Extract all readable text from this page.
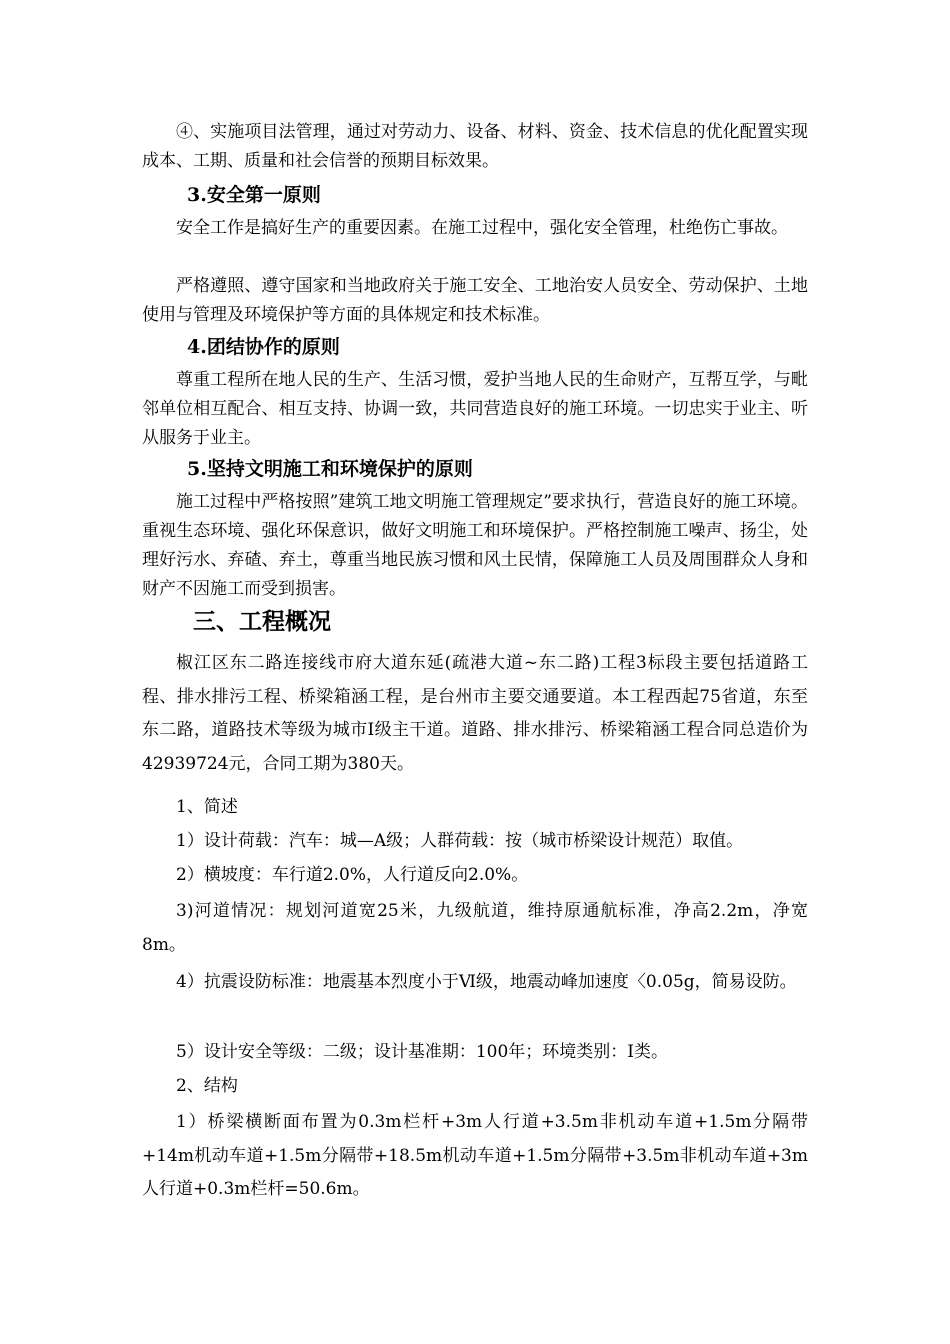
④、实施项目法管理，通过对劳动力、设备、材料、资金、技术信息的优化配置实现成本、工期、质量和社会信誉的预期目标效果。

3.安全第一原则

安全工作是搞好生产的重要因素。在施工过程中，强化安全管理，杜绝伤亡事故。

严格遵照、遵守国家和当地政府关于施工安全、工地治安人员安全、劳动保护、土地使用与管理及环境保护等方面的具体规定和技术标准。

4.团结协作的原则

尊重工程所在地人民的生产、生活习惯，爱护当地人民的生命财产，互帮互学，与毗邻单位相互配合、相互支持、协调一致，共同营造良好的施工环境。一切忠实于业主、听从服务于业主。

5.坚持文明施工和环境保护的原则

施工过程中严格按照”建筑工地文明施工管理规定”要求执行，营造良好的施工环境。重视生态环境、强化环保意识，做好文明施工和环境保护。严格控制施工噪声、扬尘，处理好污水、弃碴、弃土，尊重当地民族习惯和风土民情，保障施工人员及周围群众人身和财产不因施工而受到损害。

三、工程概况

椒江区东二路连接线市府大道东延(疏港大道~东二路)工程3标段主要包括道路工程、排水排污工程、桥梁箱涵工程，是台州市主要交通要道。本工程西起75省道，东至东二路，道路技术等级为城市Ⅰ级主干道。道路、排水排污、桥梁箱涵工程合同总造价为42939724元，合同工期为380天。

1、简述

1）设计荷载：汽车：城—A级；人群荷载：按（城市桥梁设计规范）取值。

2）横坡度：车行道2.0%，人行道反向2.0%。

3)河道情况：规划河道宽25米，九级航道，维持原通航标准，净高2.2m，净宽8m。

4）抗震设防标准：地震基本烈度小于Ⅵ级，地震动峰加速度〈0.05g，简易设防。

5）设计安全等级：二级；设计基准期：100年；环境类别：Ⅰ类。

2、结构

1）桥梁横断面布置为0.3m栏杆+3m人行道+3.5m非机动车道+1.5m分隔带+14m机动车道+1.5m分隔带+18.5m机动车道+1.5m分隔带+3.5m非机动车道+3m人行道+0.3m栏杆=50.6m。
